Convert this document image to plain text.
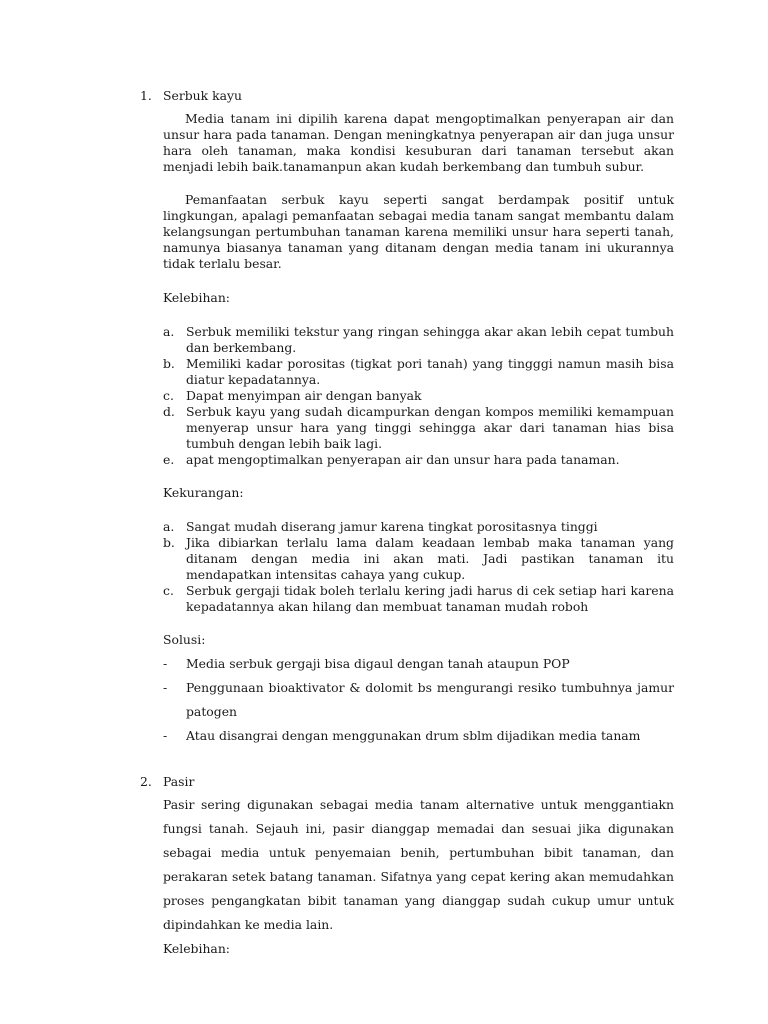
1. Serbuk kayu

Media tanam ini dipilih karena dapat mengoptimalkan penyerapan air dan unsur hara pada tanaman. Dengan meningkatnya penyerapan air dan juga unsur hara oleh tanaman, maka kondisi kesuburan dari tanaman tersebut akan menjadi lebih baik.tanamanpun akan kudah berkembang dan tumbuh subur.

Pemanfaatan serbuk kayu seperti sangat berdampak positif untuk lingkungan, apalagi pemanfaatan sebagai media tanam sangat membantu dalam kelangsungan pertumbuhan tanaman karena memiliki unsur hara seperti tanah, namunya biasanya tanaman yang ditanam dengan media tanam ini ukurannya tidak terlalu besar.

Kelebihan:

a. Serbuk memiliki tekstur yang ringan sehingga akar akan lebih cepat tumbuh dan berkembang.
b. Memiliki kadar porositas (tigkat pori tanah) yang tingggi namun masih bisa diatur kepadatannya.
c. Dapat menyimpan air dengan banyak
d. Serbuk kayu yang sudah dicampurkan dengan kompos memiliki kemampuan menyerap unsur hara yang tinggi sehingga akar dari tanaman hias bisa tumbuh dengan lebih baik lagi.
e. apat mengoptimalkan penyerapan air dan unsur hara pada tanaman.

Kekurangan:

a. Sangat mudah diserang jamur karena tingkat porositasnya tinggi
b. Jika dibiarkan terlalu lama dalam keadaan lembab maka tanaman yang ditanam dengan media ini akan mati. Jadi pastikan tanaman itu mendapatkan intensitas cahaya yang cukup.
c. Serbuk gergaji tidak boleh terlalu kering jadi harus di cek setiap hari karena kepadatannya akan hilang dan membuat tanaman mudah roboh

Solusi:

- Media serbuk gergaji bisa digaul dengan tanah ataupun POP
- Penggunaan bioaktivator & dolomit bs mengurangi resiko tumbuhnya jamur patogen
- Atau disangrai dengan menggunakan drum sblm dijadikan media tanam
2. Pasir

Pasir sering digunakan sebagai media tanam alternative untuk menggantiakn fungsi tanah. Sejauh ini, pasir dianggap memadai dan sesuai jika digunakan sebagai media untuk penyemaian benih, pertumbuhan bibit tanaman, dan perakaran setek batang tanaman. Sifatnya yang cepat kering akan memudahkan proses pengangkatan bibit tanaman yang dianggap sudah cukup umur untuk dipindahkan ke media lain.

Kelebihan:
